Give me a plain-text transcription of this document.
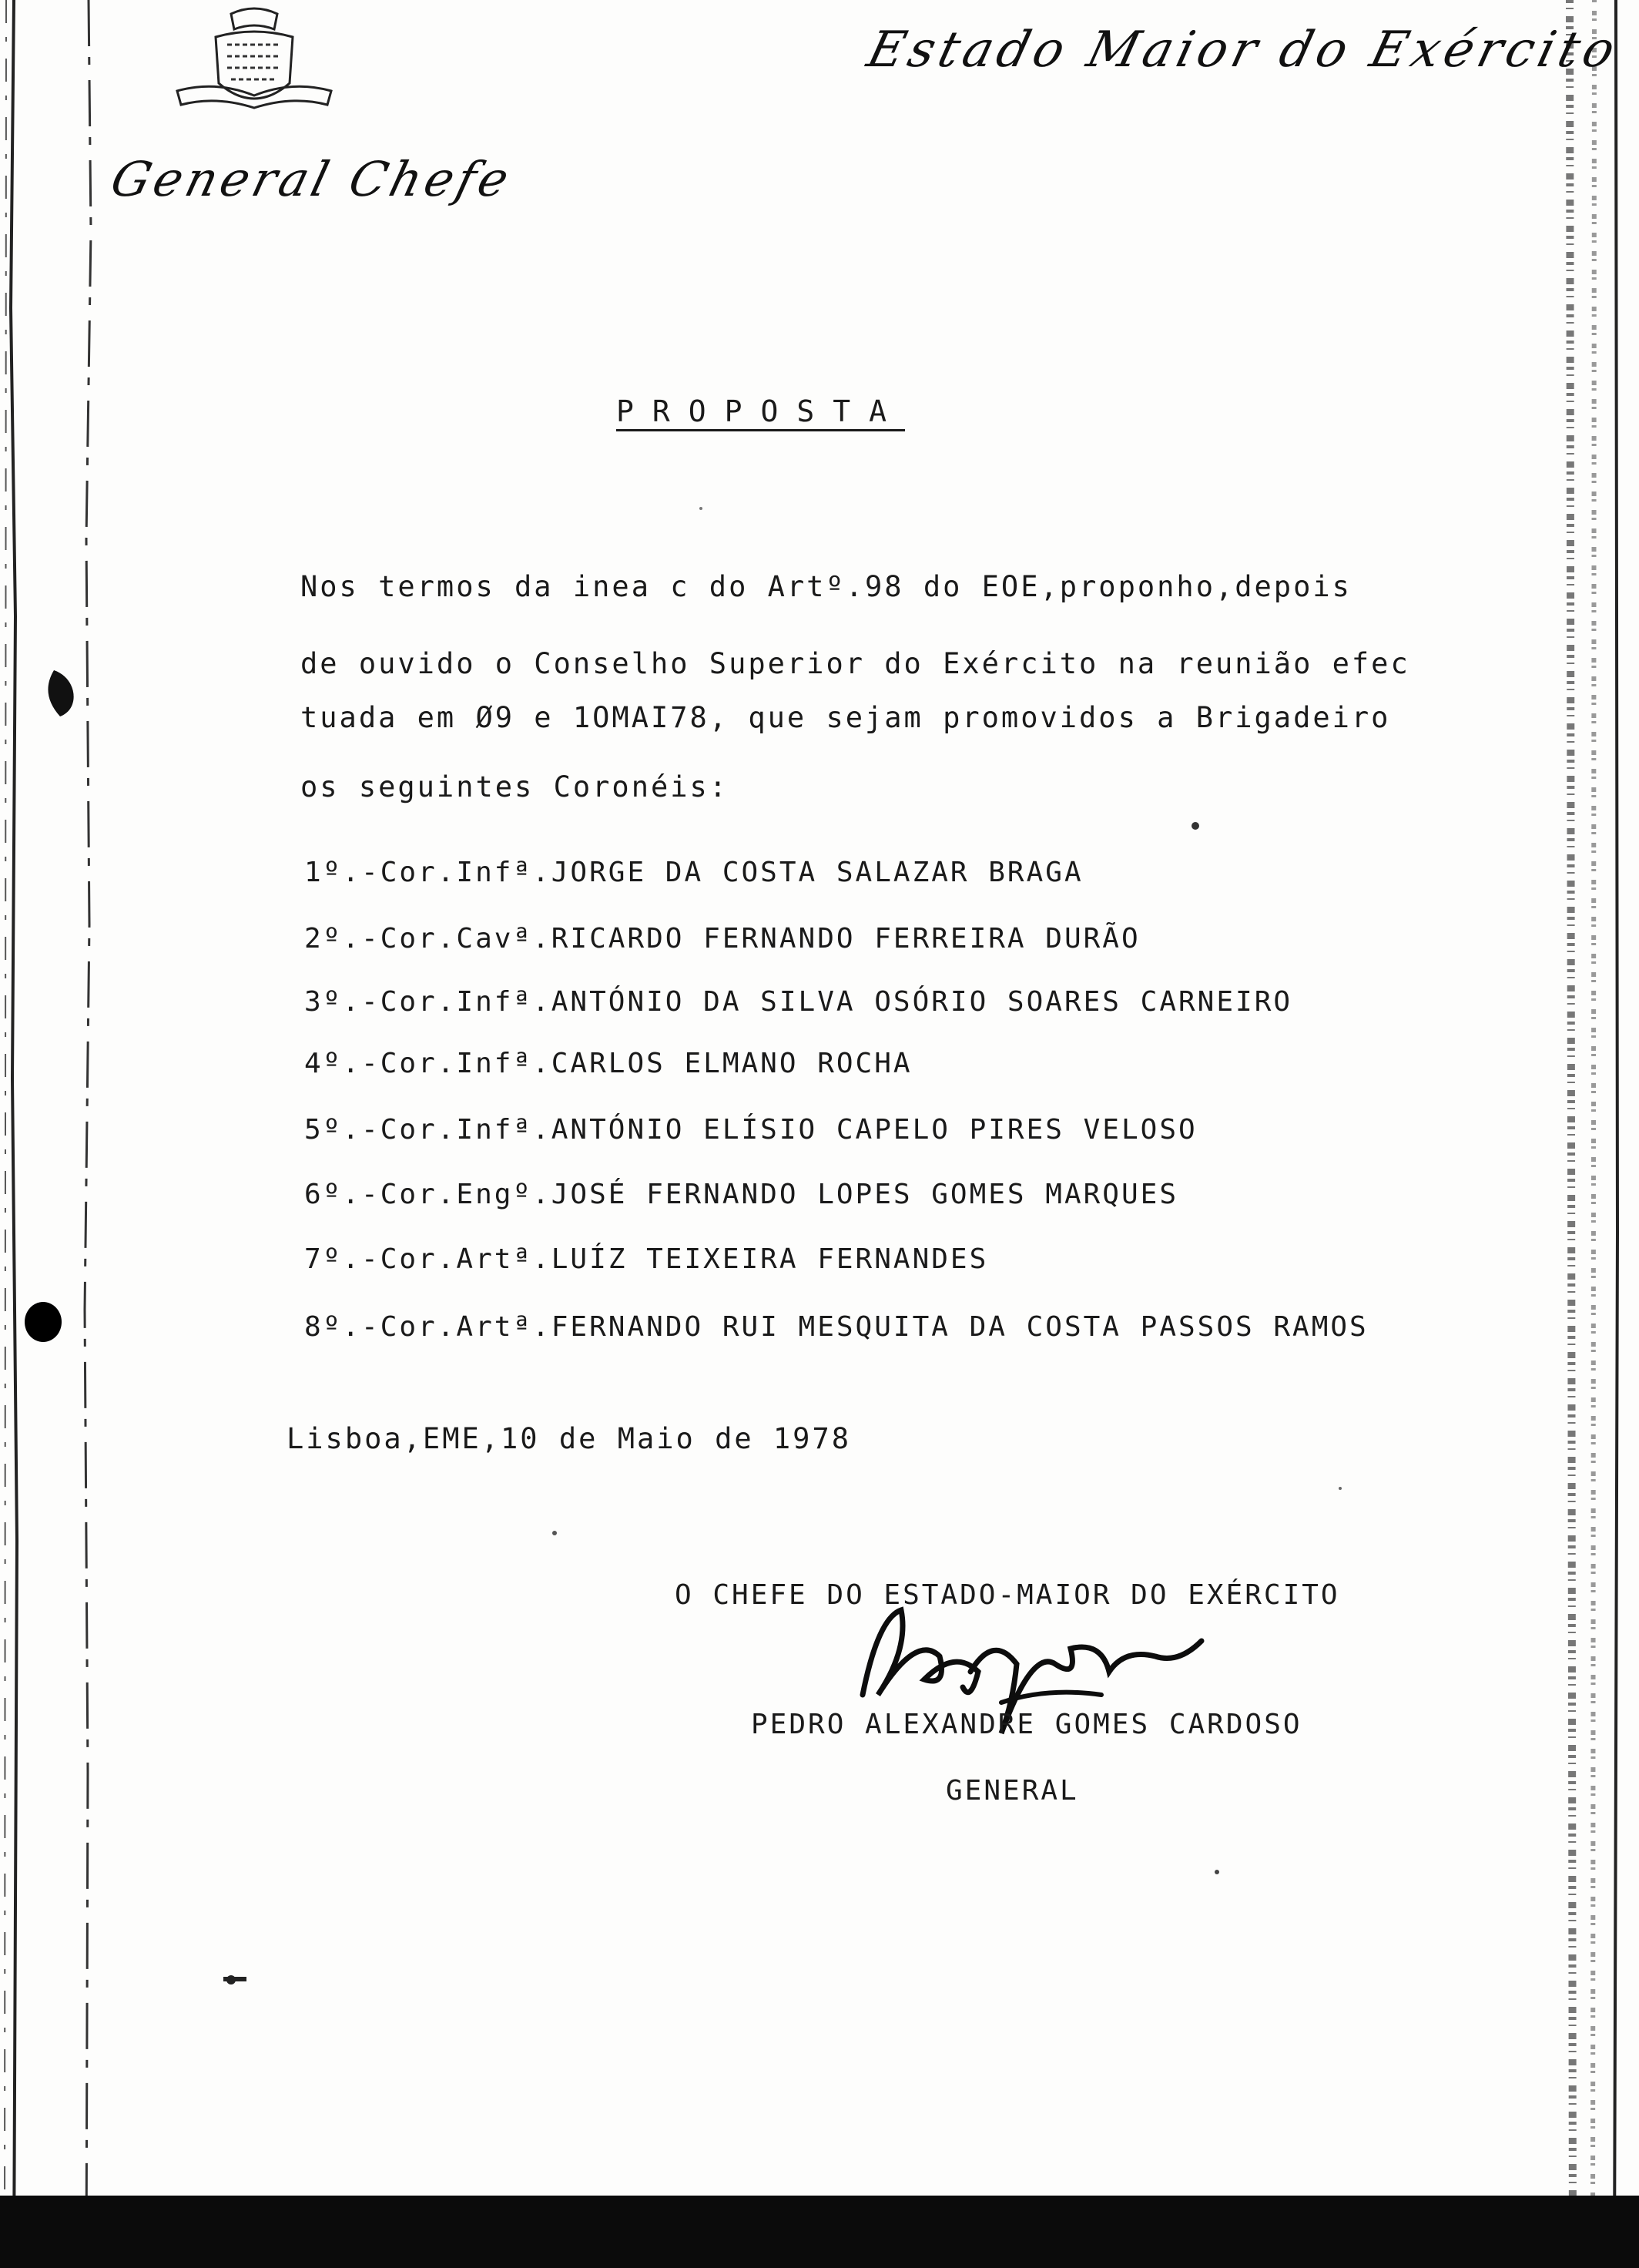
Estado Maior do Exército
General Chefe
PROPOSTA
Nos termos da inea c do Artº.98 do EOE,proponho,depois
de ouvido o Conselho Superior do Exército na reunião efec
tuada em Ø9 e 1OMAI78, que sejam promovidos a Brigadeiro
os seguintes Coronéis:
1º.-Cor.Infª.JORGE DA COSTA SALAZAR BRAGA
2º.-Cor.Cavª.RICARDO FERNANDO FERREIRA DURÃO
3º.-Cor.Infª.ANTÓNIO DA SILVA OSÓRIO SOARES CARNEIRO
4º.-Cor.Infª.CARLOS ELMANO ROCHA
5º.-Cor.Infª.ANTÓNIO ELÍSIO CAPELO PIRES VELOSO
6º.-Cor.Engº.JOSÉ FERNANDO LOPES GOMES MARQUES
7º.-Cor.Artª.LUÍZ TEIXEIRA FERNANDES
8º.-Cor.Artª.FERNANDO RUI MESQUITA DA COSTA PASSOS RAMOS
Lisboa,EME,10 de Maio de 1978
O CHEFE DO ESTADO-MAIOR DO EXÉRCITO
PEDRO ALEXANDRE GOMES CARDOSO
GENERAL
